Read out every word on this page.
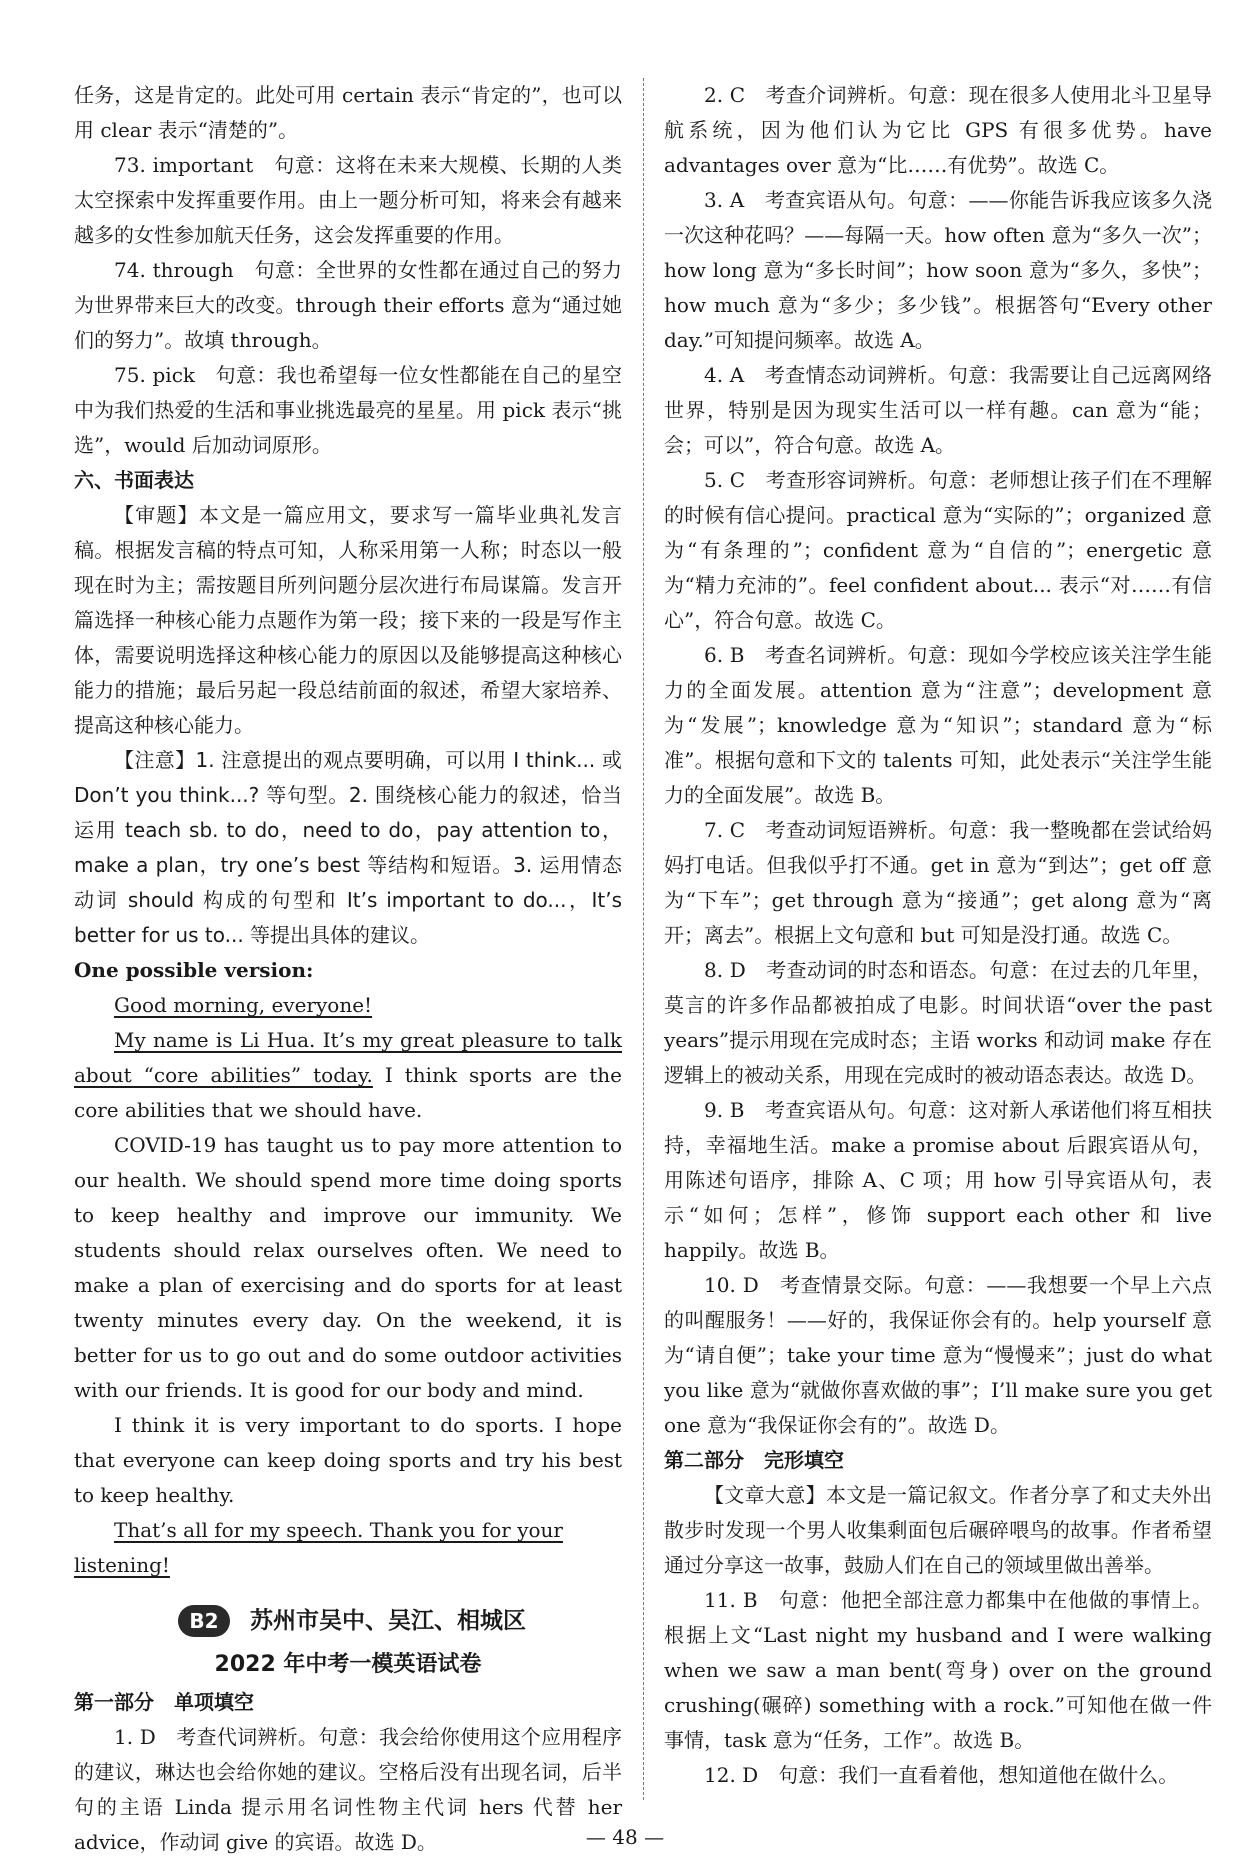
任务，这是肯定的。此处可用 certain 表示“肯定的”，也可以用 clear 表示“清楚的”。

73. important　句意：这将在未来大规模、长期的人类太空探索中发挥重要作用。由上一题分析可知，将来会有越来越多的女性参加航天任务，这会发挥重要的作用。

74. through　句意：全世界的女性都在通过自己的努力为世界带来巨大的改变。through their efforts 意为“通过她们的努力”。故填 through。

75. pick　句意：我也希望每一位女性都能在自己的星空中为我们热爱的生活和事业挑选最亮的星星。用 pick 表示“挑选”，would 后加动词原形。

六、书面表达

【审题】本文是一篇应用文，要求写一篇毕业典礼发言稿。根据发言稿的特点可知，人称采用第一人称；时态以一般现在时为主；需按题目所列问题分层次进行布局谋篇。发言开篇选择一种核心能力点题作为第一段；接下来的一段是写作主体，需要说明选择这种核心能力的原因以及能够提高这种核心能力的措施；最后另起一段总结前面的叙述，希望大家培养、提高这种核心能力。

【注意】1. 注意提出的观点要明确，可以用 I think... 或 Don’t you think...? 等句型。2. 围绕核心能力的叙述，恰当运用 teach sb. to do，need to do，pay attention to，make a plan，try one’s best 等结构和短语。3. 运用情态动词 should 构成的句型和 It’s important to do...，It’s better for us to... 等提出具体的建议。

One possible version:

Good morning, everyone!

My name is Li Hua. It’s my great pleasure to talk about “core abilities” today. I think sports are the core abilities that we should have.

COVID-19 has taught us to pay more attention to our health. We should spend more time doing sports to keep healthy and improve our immunity. We students should relax ourselves often. We need to make a plan of exercising and do sports for at least twenty minutes every day. On the weekend, it is better for us to go out and do some outdoor activities with our friends. It is good for our body and mind.

I think it is very important to do sports. I hope that everyone can keep doing sports and try his best to keep healthy.

That’s all for my speech. Thank you for your listening!

B2	苏州市吴中、吴江、相城区
2022 年中考一模英语试卷

第一部分　单项填空

1. D　考查代词辨析。句意：我会给你使用这个应用程序的建议，琳达也会给你她的建议。空格后没有出现名词，后半句的主语 Linda 提示用名词性物主代词 hers 代替 her advice，作动词 give 的宾语。故选 D。

2. C　考查介词辨析。句意：现在很多人使用北斗卫星导航系统，因为他们认为它比 GPS 有很多优势。have advantages over 意为“比……有优势”。故选 C。

3. A　考查宾语从句。句意：——你能告诉我应该多久浇一次这种花吗？——每隔一天。how often 意为“多久一次”；how long 意为“多长时间”；how soon 意为“多久，多快”；how much 意为“多少；多少钱”。根据答句“Every other day.”可知提问频率。故选 A。

4. A　考查情态动词辨析。句意：我需要让自己远离网络世界，特别是因为现实生活可以一样有趣。can 意为“能；会；可以”，符合句意。故选 A。

5. C　考查形容词辨析。句意：老师想让孩子们在不理解的时候有信心提问。practical 意为“实际的”；organized 意为“有条理的”；confident 意为“自信的”；energetic 意为“精力充沛的”。feel confident about... 表示“对……有信心”，符合句意。故选 C。

6. B　考查名词辨析。句意：现如今学校应该关注学生能力的全面发展。attention 意为“注意”；development 意为“发展”；knowledge 意为“知识”；standard 意为“标准”。根据句意和下文的 talents 可知，此处表示“关注学生能力的全面发展”。故选 B。

7. C　考查动词短语辨析。句意：我一整晚都在尝试给妈妈打电话。但我似乎打不通。get in 意为“到达”；get off 意为“下车”；get through 意为“接通”；get along 意为“离开；离去”。根据上文句意和 but 可知是没打通。故选 C。

8. D　考查动词的时态和语态。句意：在过去的几年里，莫言的许多作品都被拍成了电影。时间状语“over the past years”提示用现在完成时态；主语 works 和动词 make 存在逻辑上的被动关系，用现在完成时的被动语态表达。故选 D。

9. B　考查宾语从句。句意：这对新人承诺他们将互相扶持，幸福地生活。make a promise about 后跟宾语从句，用陈述句语序，排除 A、C 项；用 how 引导宾语从句，表示“如何；怎样”，修饰 support each other 和 live happily。故选 B。

10. D　考查情景交际。句意：——我想要一个早上六点的叫醒服务！——好的，我保证你会有的。help yourself 意为“请自便”；take your time 意为“慢慢来”；just do what you like 意为“就做你喜欢做的事”；I’ll make sure you get one 意为“我保证你会有的”。故选 D。

第二部分　完形填空

【文章大意】本文是一篇记叙文。作者分享了和丈夫外出散步时发现一个男人收集剩面包后碾碎喂鸟的故事。作者希望通过分享这一故事，鼓励人们在自己的领域里做出善举。

11. B　句意：他把全部注意力都集中在他做的事情上。根据上文“Last night my husband and I were walking when we saw a man bent(弯身) over on the ground crushing(碾碎) something with a rock.”可知他在做一件事情，task 意为“任务，工作”。故选 B。

12. D　句意：我们一直看着他，想知道他在做什么。

— 48 —
